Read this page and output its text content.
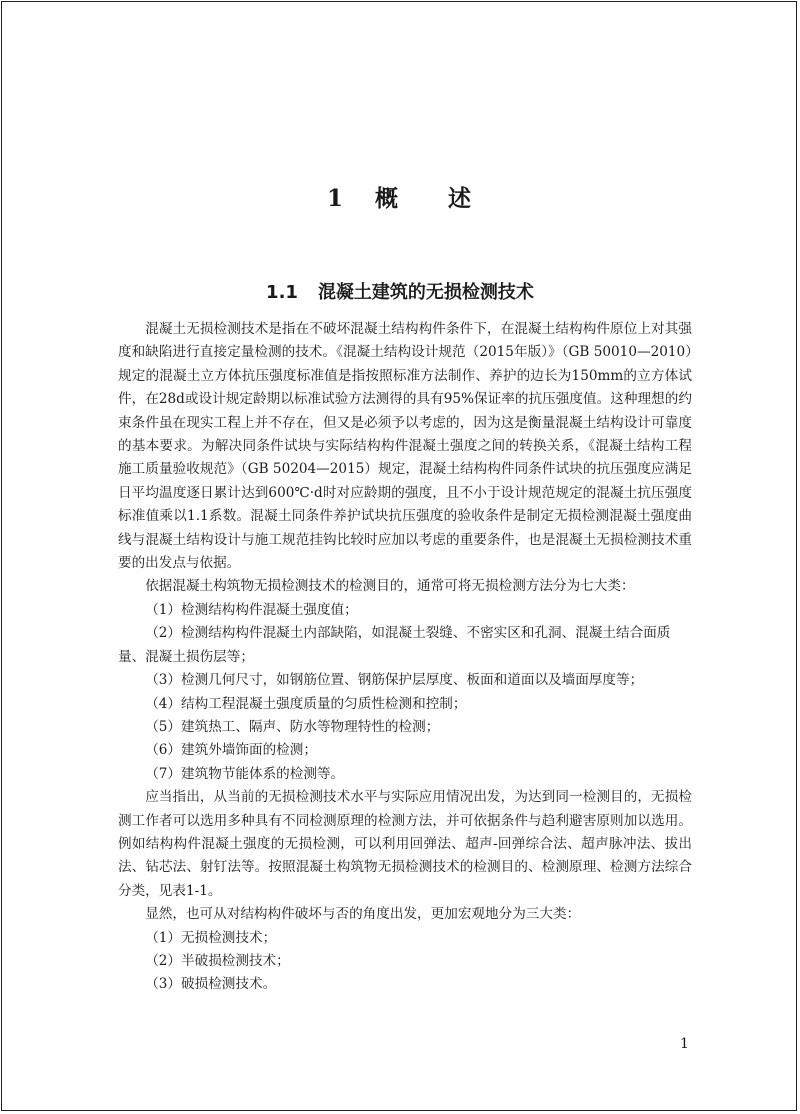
1 概 述
1.1 混凝土建筑的无损检测技术

混凝土无损检测技术是指在不破坏混凝土结构构件条件下，在混凝土结构构件原位上对其强度和缺陷进行直接定量检测的技术。《混凝土结构设计规范（2015年版）》（GB 50010—2010）规定的混凝土立方体抗压强度标准值是指按照标准方法制作、养护的边长为150mm的立方体试件，在28d或设计规定龄期以标准试验方法测得的具有95%保证率的抗压强度值。这种理想的约束条件虽在现实工程上并不存在，但又是必须予以考虑的，因为这是衡量混凝土结构设计可靠度的基本要求。为解决同条件试块与实际结构构件混凝土强度之间的转换关系，《混凝土结构工程施工质量验收规范》（GB 50204—2015）规定，混凝土结构构件同条件试块的抗压强度应满足日平均温度逐日累计达到600℃·d时对应龄期的强度，且不小于设计规范规定的混凝土抗压强度标准值乘以1.1系数。混凝土同条件养护试块抗压强度的验收条件是制定无损检测混凝土强度曲线与混凝土结构设计与施工规范挂钩比较时应加以考虑的重要条件，也是混凝土无损检测技术重要的出发点与依据。

依据混凝土构筑物无损检测技术的检测目的，通常可将无损检测方法分为七大类：

（1）检测结构构件混凝土强度值；

（2）检测结构构件混凝土内部缺陷，如混凝土裂缝、不密实区和孔洞、混凝土结合面质量、混凝土损伤层等；

（3）检测几何尺寸，如钢筋位置、钢筋保护层厚度、板面和道面以及墙面厚度等；

（4）结构工程混凝土强度质量的匀质性检测和控制；

（5）建筑热工、隔声、防水等物理特性的检测；

（6）建筑外墙饰面的检测；

（7）建筑物节能体系的检测等。

应当指出，从当前的无损检测技术水平与实际应用情况出发，为达到同一检测目的，无损检测工作者可以选用多种具有不同检测原理的检测方法，并可依据条件与趋利避害原则加以选用。例如结构构件混凝土强度的无损检测，可以利用回弹法、超声-回弹综合法、超声脉冲法、拔出法、钻芯法、射钉法等。按照混凝土构筑物无损检测技术的检测目的、检测原理、检测方法综合分类，见表1-1。

显然，也可从对结构构件破坏与否的角度出发，更加宏观地分为三大类：

（1）无损检测技术；

（2）半破损检测技术；

（3）破损检测技术。

1
